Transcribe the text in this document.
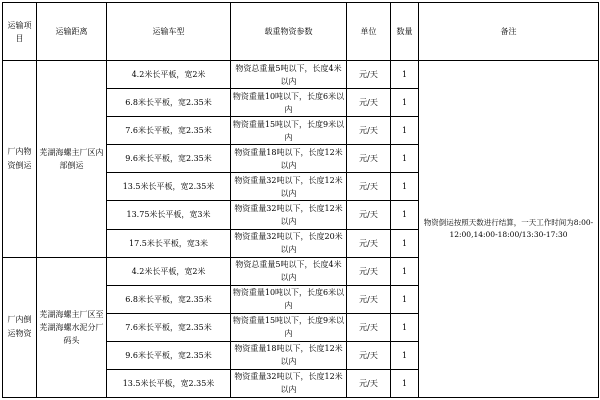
运输项目	运输距离	运输车型	载重物资参数	单位	数量	备注
厂内物资倒运	芜湖海螺主厂区内部倒运	4.2米长平板，宽2米	物资总重量5吨以下，长度4米以内	元/天	1	物资倒运按照天数进行结算，一天工作时间为8:00-12:00,14:00-18:00/13:30-17:30
		6.8米长平板，宽2.35米	物资重量10吨以下，长度6米以内	元/天	1	
		7.6米长平板，宽2.35米	物资重量15吨以下，长度9米以内	元/天	1	
		9.6米长平板，宽2.35米	物资重量18吨以下，长度12米以内	元/天	1	
		13.5米长平板，宽2.35米	物资重量32吨以下，长度12米以内	元/天	1	
		13.75米长平板，宽3米	物资重量32吨以下，长度12米以内	元/天	1	
		17.5米长平板，宽3米	物资重量32吨以下，长度20米以内	元/天	1	
厂内倒运物资	芜湖海螺主厂区至芜湖海螺水泥分厂码头	4.2米长平板，宽2米	物资总重量5吨以下，长度4米以内	元/天	1	
		6.8米长平板，宽2.35米	物资重量10吨以下，长度6米以内	元/天	1	
		7.6米长平板，宽2.35米	物资重量15吨以下，长度9米以内	元/天	1	
		9.6米长平板，宽2.35米	物资重量18吨以下，长度12米以内	元/天	1	
		13.5米长平板，宽2.35米	物资重量32吨以下，长度12米以内	元/天	1	
